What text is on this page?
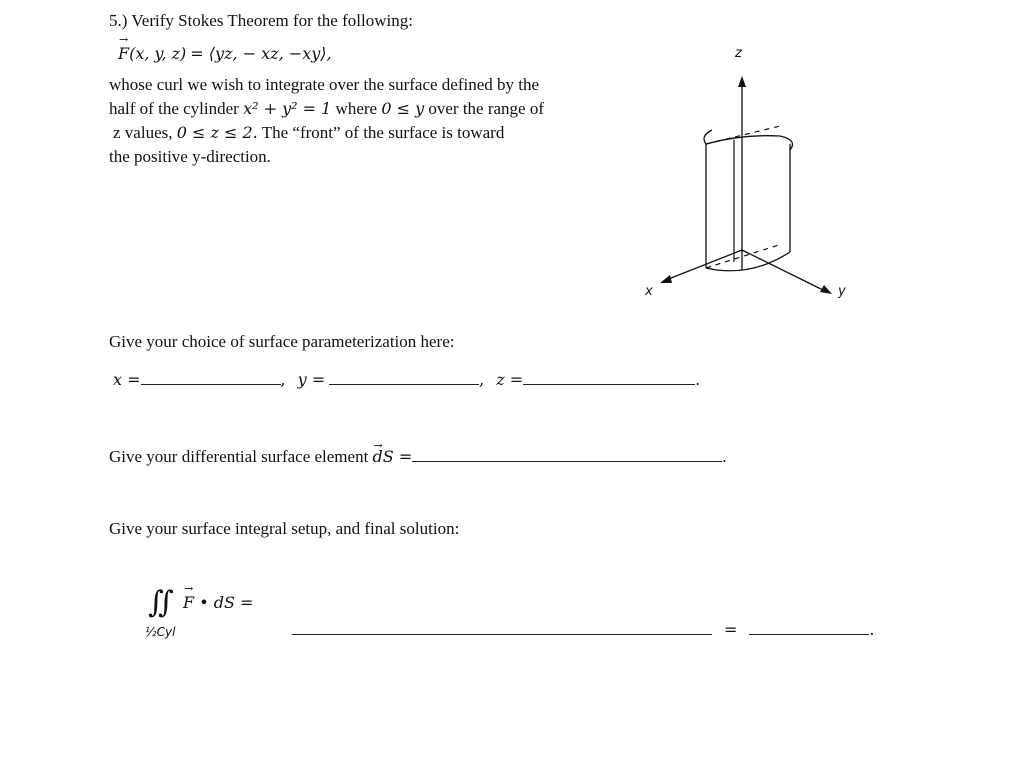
5.) Verify Stokes Theorem for the following:
→ F(x, y, z) = ⟨yz, − xz, −xy⟩,
whose curl we wish to integrate over the surface defined by the
half of the cylinder x² + y² = 1 where 0 ≤ y over the range of
z values, 0 ≤ z ≤ 2. The “front” of the surface is toward
the positive y-direction.
z
x	y
Give your choice of surface parameterization here:
x =	, y =	, z =	.
Give your differential surface element → dS =	.
Give your surface integral setup, and final solution:
∬ → F • dS =
½Cyl	=	.
